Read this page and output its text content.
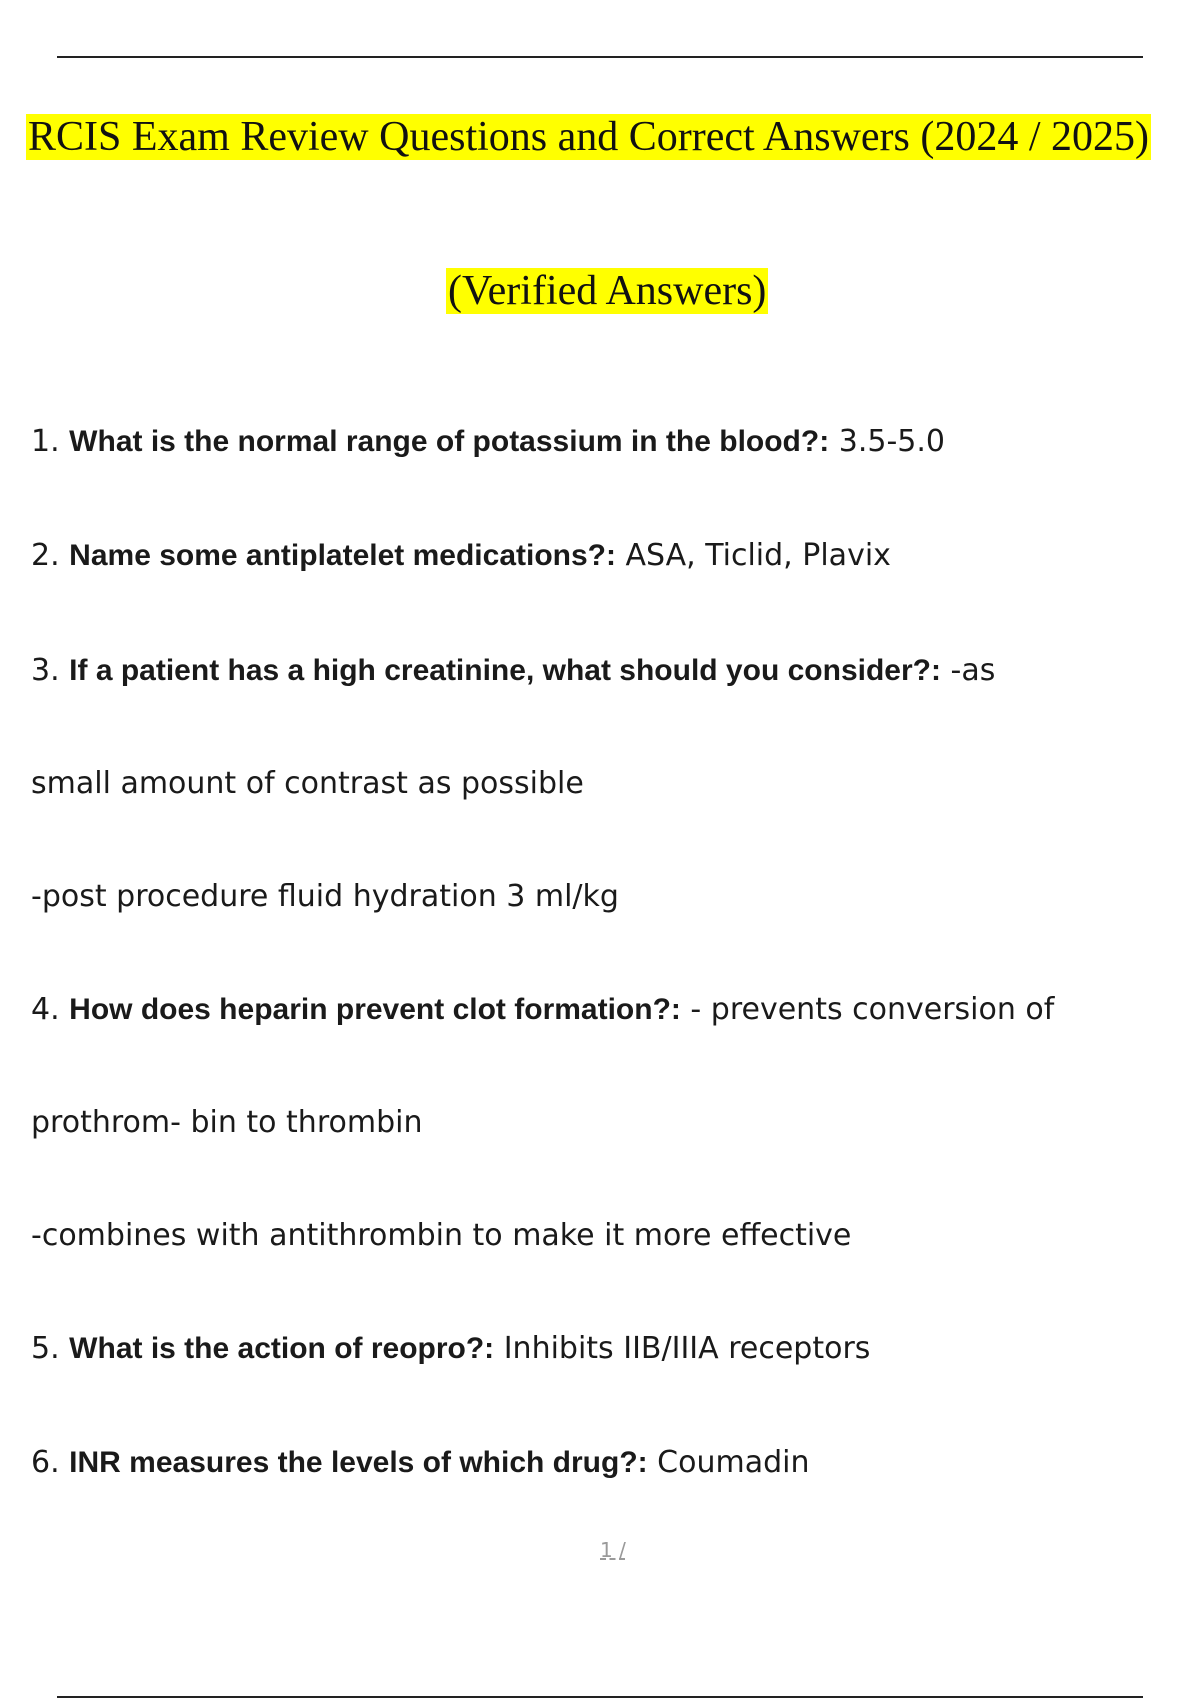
RCIS Exam Review Questions and Correct Answers (2024 / 2025)
(Verified Answers)
1. What is the normal range of potassium in the blood?: 3.5-5.0
2. Name some antiplatelet medications?: ASA, Ticlid, Plavix
3. If a patient has a high creatinine, what should you consider?: -as
small amount of contrast as possible
-post procedure fluid hydration 3 ml/kg
4. How does heparin prevent clot formation?: - prevents conversion of
prothrom- bin to thrombin
-combines with antithrombin to make it more effective
5. What is the action of reopro?: Inhibits IIB/IIIA receptors
6. INR measures the levels of which drug?: Coumadin
1 /
